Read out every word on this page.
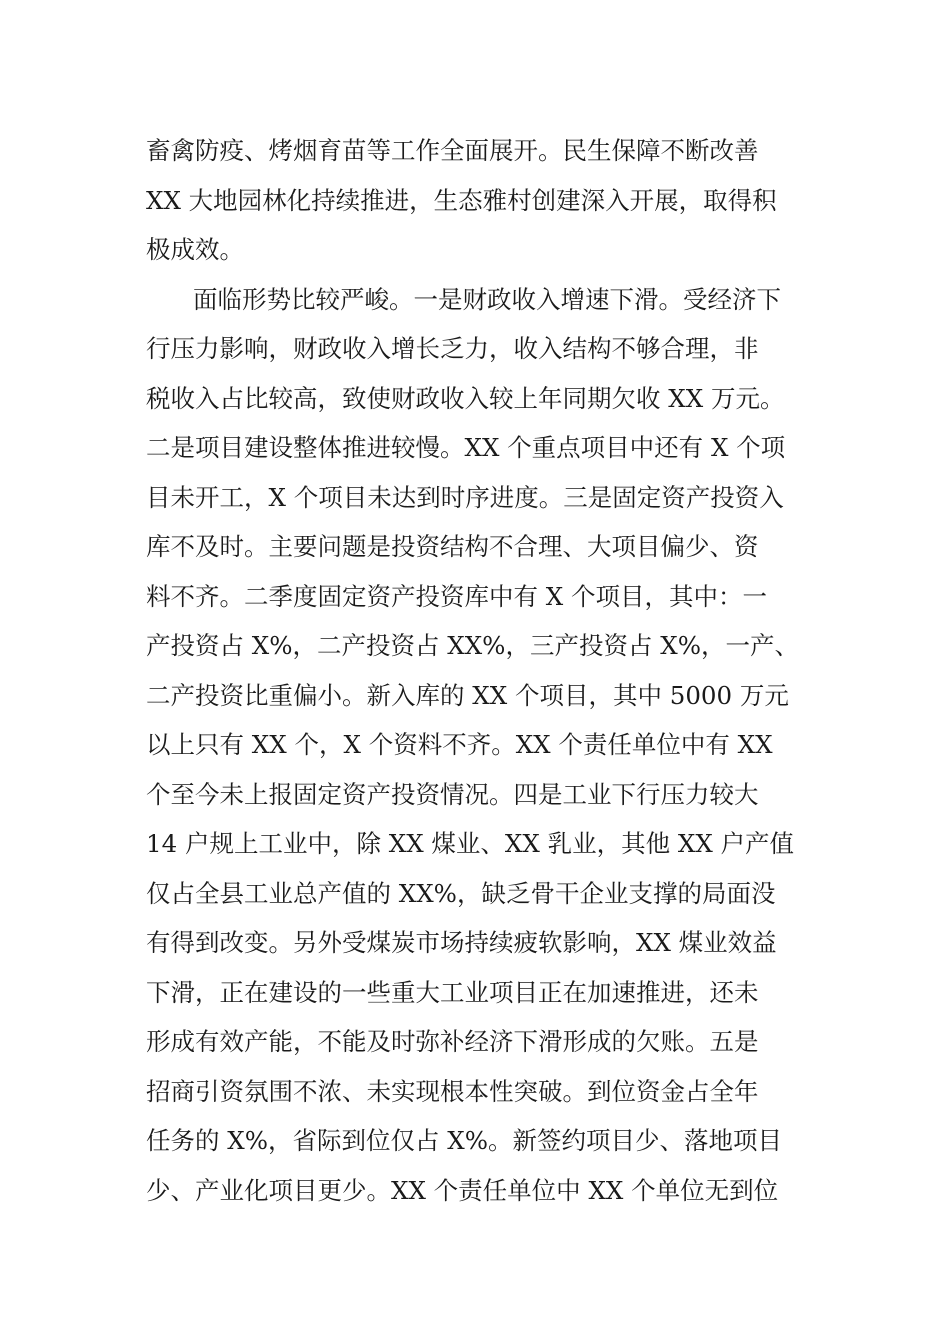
畜禽防疫、烤烟育苗等工作全面展开。民生保障不断改善
XX 大地园林化持续推进，生态雅村创建深入开展，取得积
极成效。
面临形势比较严峻。一是财政收入增速下滑。受经济下
行压力影响，财政收入增长乏力，收入结构不够合理，非
税收入占比较高，致使财政收入较上年同期欠收 XX 万元。
二是项目建设整体推进较慢。XX 个重点项目中还有 X 个项
目未开工，X 个项目未达到时序进度。三是固定资产投资入
库不及时。主要问题是投资结构不合理、大项目偏少、资
料不齐。二季度固定资产投资库中有 X 个项目，其中：一
产投资占 X%，二产投资占 XX%，三产投资占 X%，一产、
二产投资比重偏小。新入库的 XX 个项目，其中 5000 万元
以上只有 XX 个，X 个资料不齐。XX 个责任单位中有 XX
个至今未上报固定资产投资情况。四是工业下行压力较大
14 户规上工业中，除 XX 煤业、XX 乳业，其他 XX 户产值
仅占全县工业总产值的 XX%，缺乏骨干企业支撑的局面没
有得到改变。另外受煤炭市场持续疲软影响，XX 煤业效益
下滑，正在建设的一些重大工业项目正在加速推进，还未
形成有效产能，不能及时弥补经济下滑形成的欠账。五是
招商引资氛围不浓、未实现根本性突破。到位资金占全年
任务的 X%，省际到位仅占 X%。新签约项目少、落地项目
少、产业化项目更少。XX 个责任单位中 XX 个单位无到位
